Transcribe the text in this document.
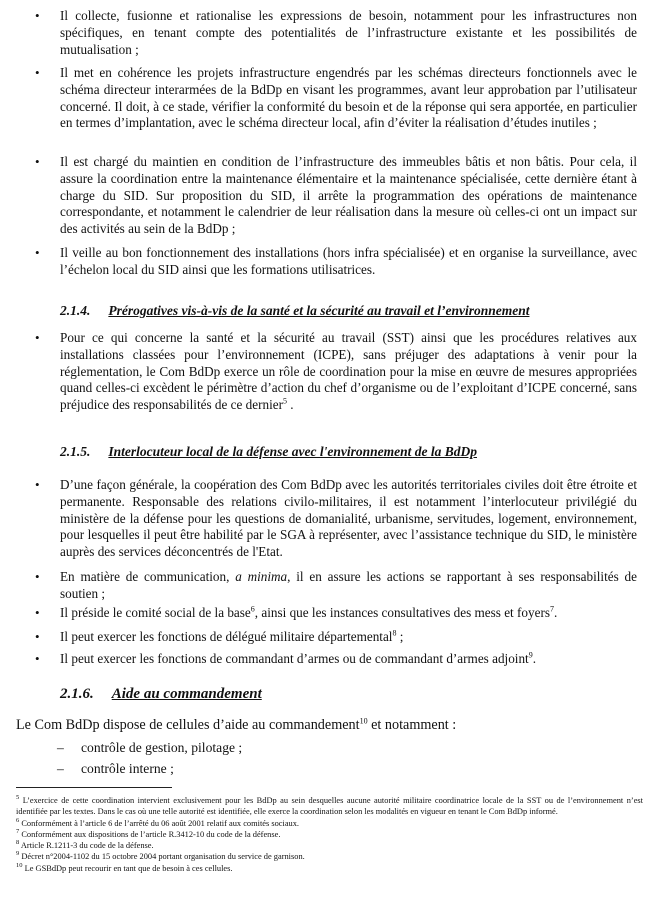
• Il collecte, fusionne et rationalise les expressions de besoin, notamment pour les infrastructures non spécifiques, en tenant compte des potentialités de l’infrastructure existante et les possibilités de mutualisation ;

• Il met en cohérence les projets infrastructure engendrés par les schémas directeurs fonctionnels avec le schéma directeur interarmées de la BdDp en visant les programmes, avant leur approbation par l’utilisateur concerné. Il doit, à ce stade, vérifier la conformité du besoin et de la réponse qui sera apportée, en particulier en termes d’implantation, avec le schéma directeur local, afin d’éviter la réalisation d’études inutiles ;

• Il est chargé du maintien en condition de l’infrastructure des immeubles bâtis et non bâtis. Pour cela, il assure la coordination entre la maintenance élémentaire et la maintenance spécialisée, cette dernière étant à charge du SID. Sur proposition du SID, il arrête la programmation des opérations de maintenance correspondante, et notamment le calendrier de leur réalisation dans la mesure où celles-ci ont un impact sur des activités au sein de la BdDp ;

• Il veille au bon fonctionnement des installations (hors infra spécialisée) et en organise la surveillance, avec l’échelon local du SID ainsi que les formations utilisatrices.

2.1.4. Prérogatives vis-à-vis de la santé et la sécurité au travail et l’environnement
• Pour ce qui concerne la santé et la sécurité au travail (SST) ainsi que les procédures relatives aux installations classées pour l’environnement (ICPE), sans préjuger des adaptations à venir pour la réglementation, le Com BdDp exerce un rôle de coordination pour la mise en œuvre de mesures appropriées quand celles-ci excèdent le périmètre d’action du chef d’organisme ou de l’exploitant d’ICPE concerné, sans préjudice des responsabilités de ce dernier$^5$ .

2.1.5. Interlocuteur local de la défense avec l'environnement de la BdDp
• D’une façon générale, la coopération des Com BdDp avec les autorités territoriales civiles doit être étroite et permanente. Responsable des relations civilo-militaires, il est notamment l’interlocuteur privilégié du ministère de la défense pour les questions de domanialité, urbanisme, servitudes, logement, environnement, pour lesquelles il peut être habilité par le SGA à représenter, avec l’assistance technique du SID, le ministère auprès des services déconcentrés de l'Etat.

• En matière de communication, a minima, il en assure les actions se rapportant à ses responsabilités de soutien ;

• Il préside le comité social de la base$^6$, ainsi que les instances consultatives des mess et foyers$^7$.

• Il peut exercer les fonctions de délégué militaire départemental$^8$ ;

• Il peut exercer les fonctions de commandant d’armes ou de commandant d’armes adjoint$^9$.

2.1.6. Aide au commandement
Le Com BdDp dispose de cellules d’aide au commandement$^{10}$ et notamment :
– contrôle de gestion, pilotage ;
– contrôle interne ;

$^5$ L’exercice de cette coordination intervient exclusivement pour les BdDp au sein desquelles aucune autorité militaire coordinatrice locale de la SST ou de l’environnement n’est identifiée par les textes. Dans le cas où une telle autorité est identifiée, elle exerce la coordination selon les modalités en vigueur en tenant le Com BdDp informé.

$^6$ Conformément à l’article 6 de l’arrêté du 06 août 2001 relatif aux comités sociaux.

$^7$ Conformément aux dispositions de l’article R.3412-10 du code de la défense.

$^8$ Article R.1211-3 du code de la défense.

$^9$ Décret n°2004-1102 du 15 octobre 2004 portant organisation du service de garnison.

$^{10}$ Le GSBdDp peut recourir en tant que de besoin à ces cellules.
